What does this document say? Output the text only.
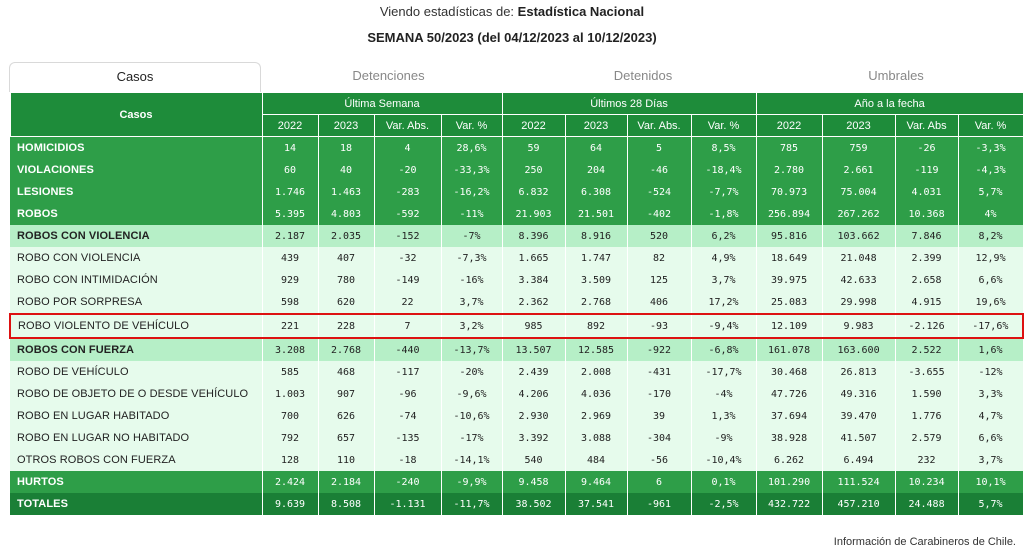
Viendo estadísticas de: Estadística Nacional
SEMANA 50/2023 (del 04/12/2023 al 10/12/2023)
Casos	Detenciones	Detenidos	Umbrales
Casos	Última Semana				Últimos 28 Días				Año a la fecha			
	2022	2023	Var. Abs.	Var. %	2022	2023	Var. Abs.	Var. %	2022	2023	Var. Abs	Var. %
HOMICIDIOS	14	18	4	28,6%	59	64	5	8,5%	785	759	-26	-3,3%
VIOLACIONES	60	40	-20	-33,3%	250	204	-46	-18,4%	2.780	2.661	-119	-4,3%
LESIONES	1.746	1.463	-283	-16,2%	6.832	6.308	-524	-7,7%	70.973	75.004	4.031	5,7%
ROBOS	5.395	4.803	-592	-11%	21.903	21.501	-402	-1,8%	256.894	267.262	10.368	4%
ROBOS CON VIOLENCIA	2.187	2.035	-152	-7%	8.396	8.916	520	6,2%	95.816	103.662	7.846	8,2%
ROBO CON VIOLENCIA	439	407	-32	-7,3%	1.665	1.747	82	4,9%	18.649	21.048	2.399	12,9%
ROBO CON INTIMIDACIÓN	929	780	-149	-16%	3.384	3.509	125	3,7%	39.975	42.633	2.658	6,6%
ROBO POR SORPRESA	598	620	22	3,7%	2.362	2.768	406	17,2%	25.083	29.998	4.915	19,6%
ROBO VIOLENTO DE VEHÍCULO	221	228	7	3,2%	985	892	-93	-9,4%	12.109	9.983	-2.126	-17,6%
ROBOS CON FUERZA	3.208	2.768	-440	-13,7%	13.507	12.585	-922	-6,8%	161.078	163.600	2.522	1,6%
ROBO DE VEHÍCULO	585	468	-117	-20%	2.439	2.008	-431	-17,7%	30.468	26.813	-3.655	-12%
ROBO DE OBJETO DE O DESDE VEHÍCULO	1.003	907	-96	-9,6%	4.206	4.036	-170	-4%	47.726	49.316	1.590	3,3%
ROBO EN LUGAR HABITADO	700	626	-74	-10,6%	2.930	2.969	39	1,3%	37.694	39.470	1.776	4,7%
ROBO EN LUGAR NO HABITADO	792	657	-135	-17%	3.392	3.088	-304	-9%	38.928	41.507	2.579	6,6%
OTROS ROBOS CON FUERZA	128	110	-18	-14,1%	540	484	-56	-10,4%	6.262	6.494	232	3,7%
HURTOS	2.424	2.184	-240	-9,9%	9.458	9.464	6	0,1%	101.290	111.524	10.234	10,1%
TOTALES	9.639	8.508	-1.131	-11,7%	38.502	37.541	-961	-2,5%	432.722	457.210	24.488	5,7%
Información de Carabineros de Chile.
